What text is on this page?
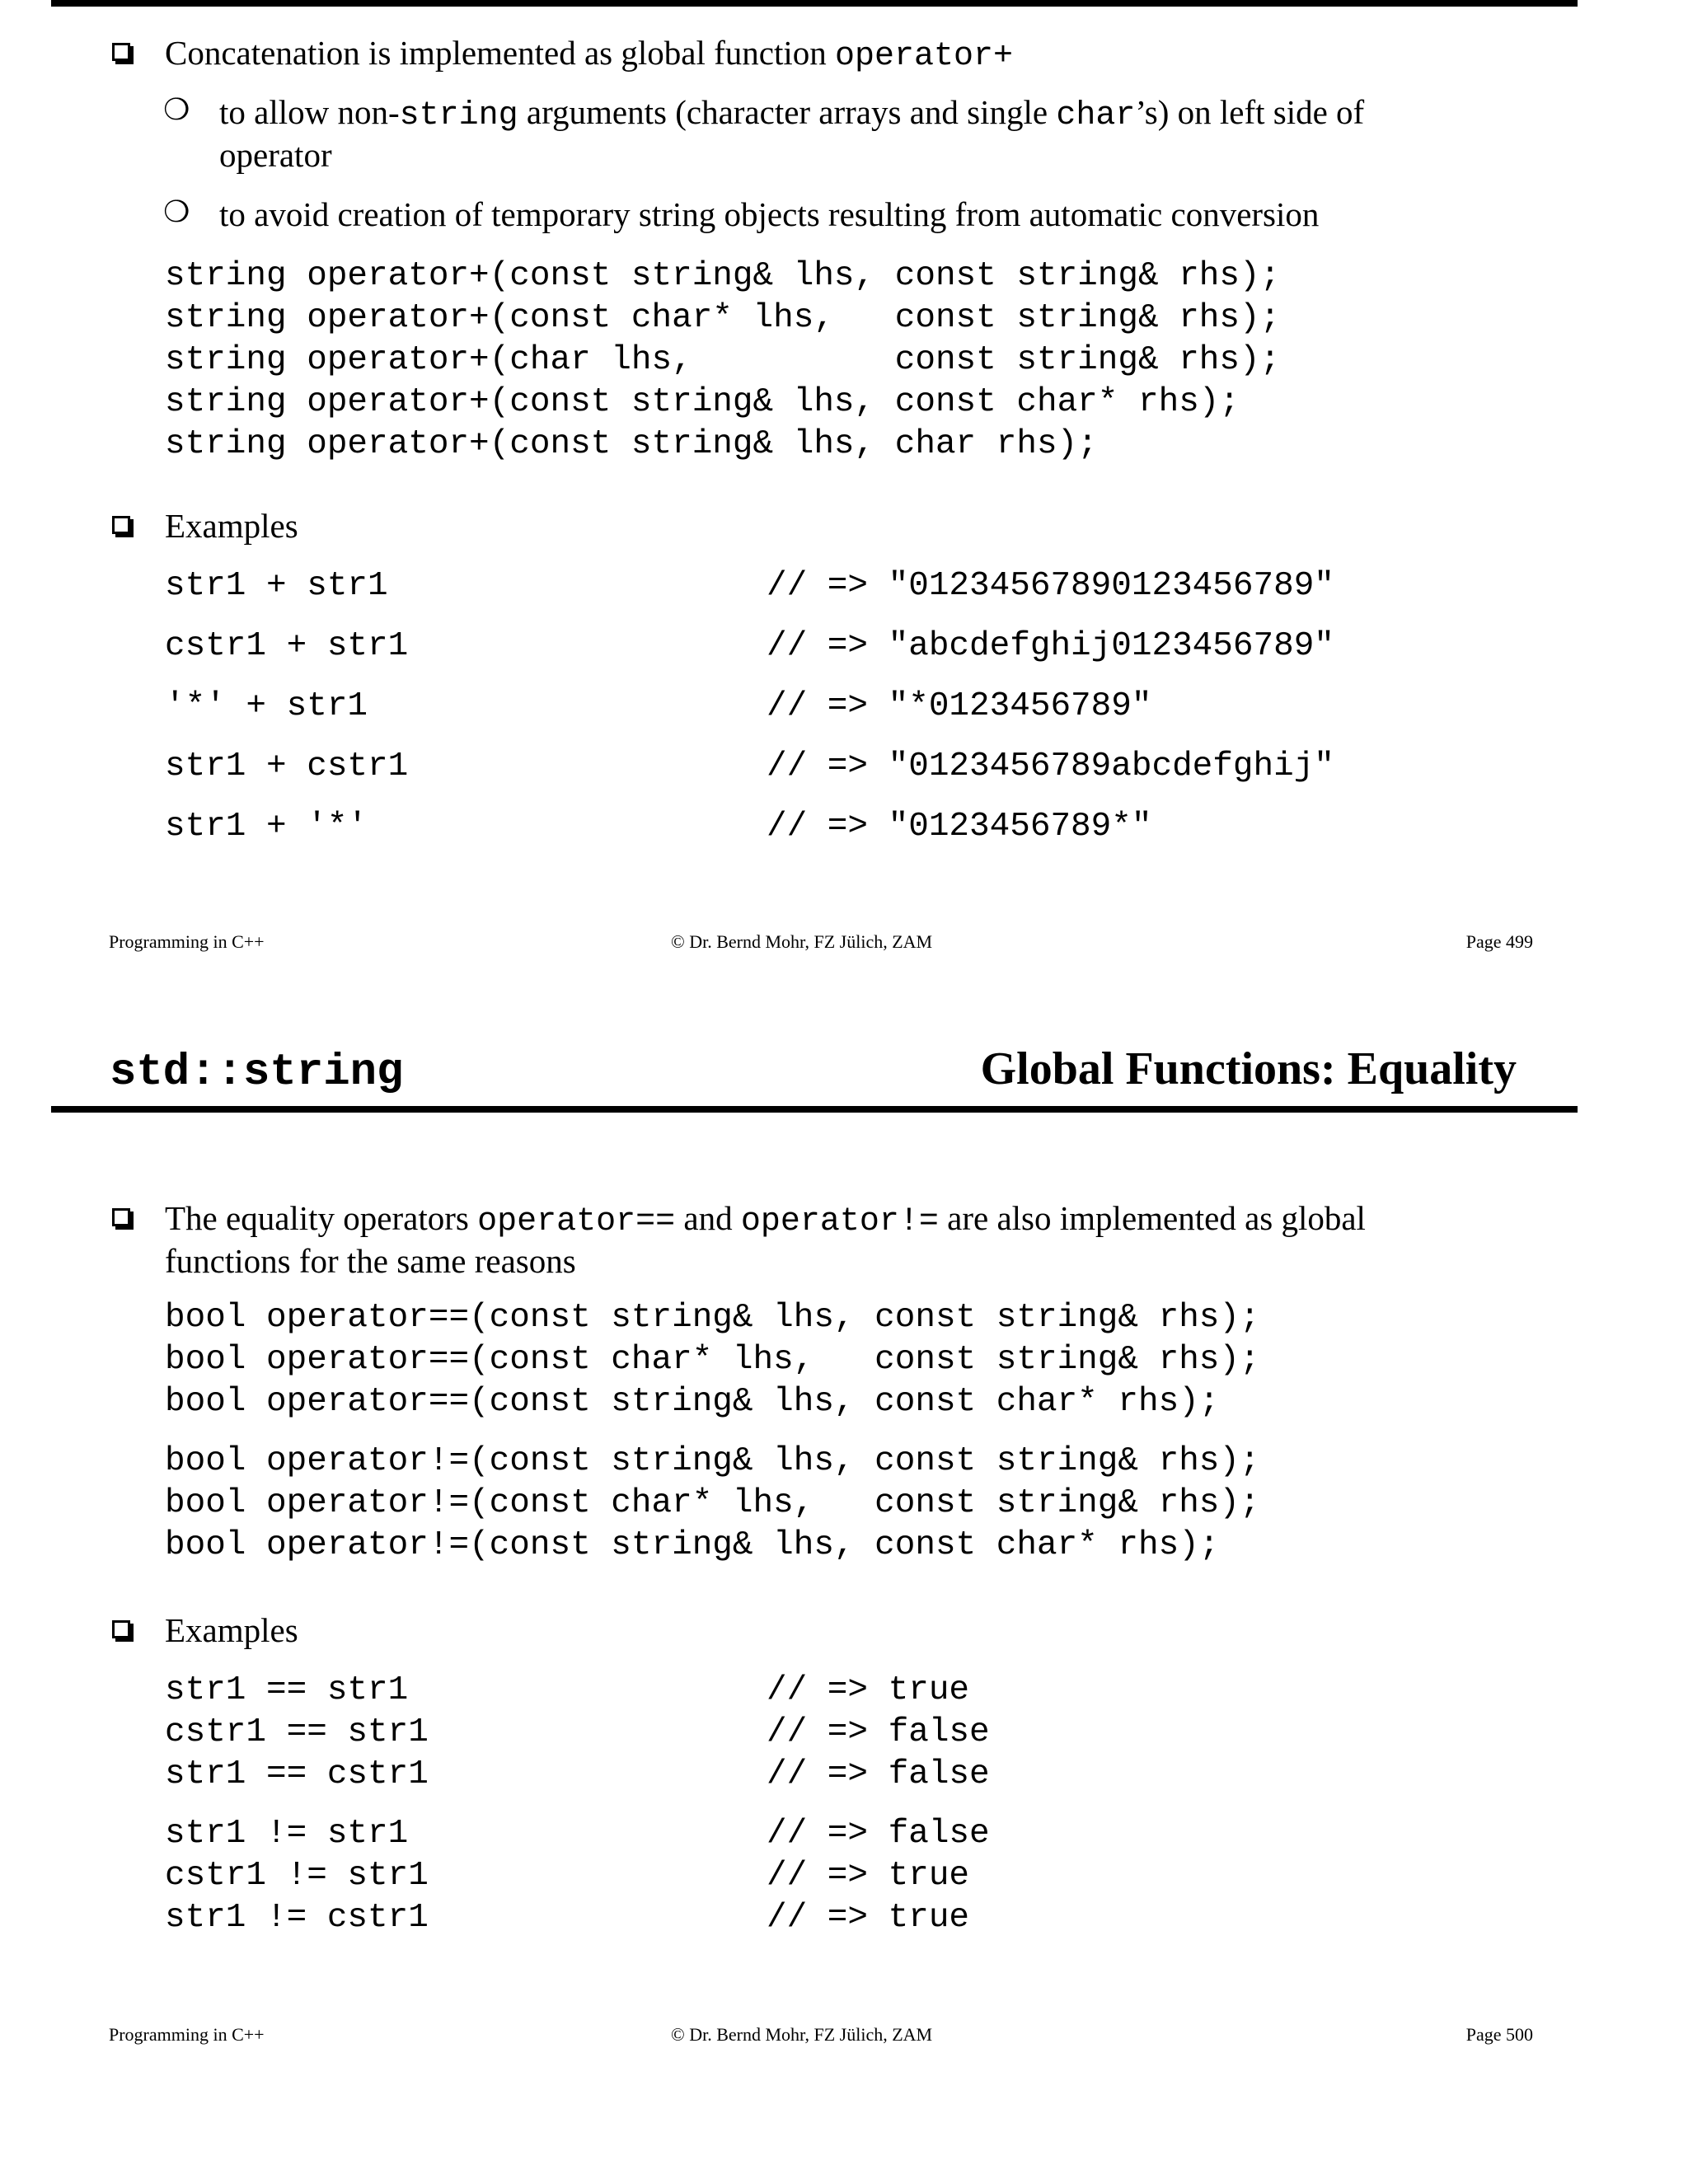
Concatenation is implemented as global function operator+
❍ to allow non-string arguments (character arrays and single char’s) on left side of
operator
❍ to avoid creation of temporary string objects resulting from automatic conversion
string operator+(const string& lhs, const string& rhs);
string operator+(const char* lhs,   const string& rhs);
string operator+(char lhs,          const string& rhs);
string operator+(const string& lhs, const char* rhs);
string operator+(const string& lhs, char rhs);
Examples
str1 + str1	// => "01234567890123456789"
cstr1 + str1	// => "abcdefghij0123456789"
'*' + str1	// => "*0123456789"
str1 + cstr1	// => "0123456789abcdefghij"
str1 + '*'	// => "0123456789*"
Programming in C++	© Dr. Bernd Mohr, FZ Jülich, ZAM	Page 499
std::string	Global Functions: Equality
The equality operators operator== and operator!= are also implemented as global
functions for the same reasons
bool operator==(const string& lhs, const string& rhs);
bool operator==(const char* lhs,   const string& rhs);
bool operator==(const string& lhs, const char* rhs);
bool operator!=(const string& lhs, const string& rhs);
bool operator!=(const char* lhs,   const string& rhs);
bool operator!=(const string& lhs, const char* rhs);
Examples
str1 == str1	// => true
cstr1 == str1	// => false
str1 == cstr1	// => false
str1 != str1	// => false
cstr1 != str1	// => true
str1 != cstr1	// => true
Programming in C++	© Dr. Bernd Mohr, FZ Jülich, ZAM	Page 500
